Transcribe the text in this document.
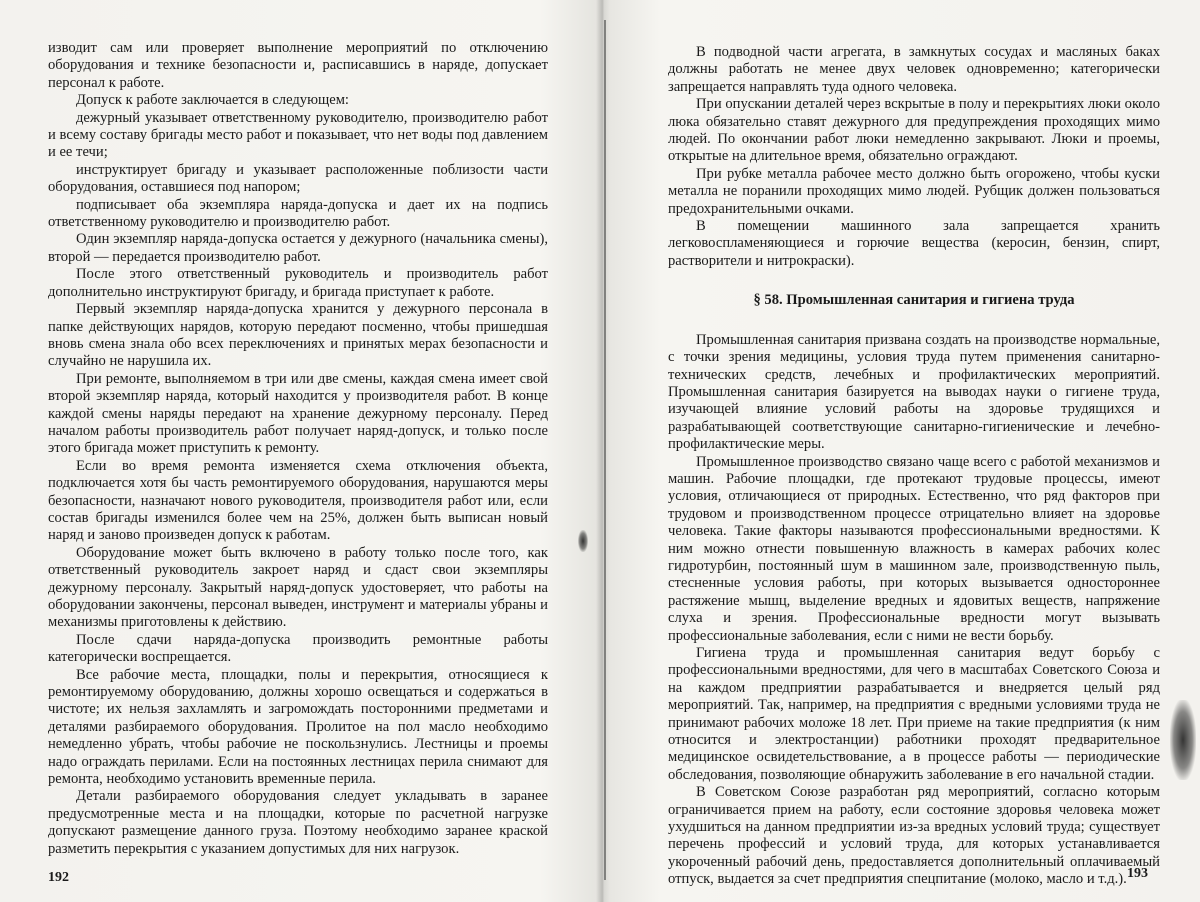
изводит сам или проверяет выполнение мероприятий по отключению оборудования и технике безопасности и, расписавшись в наряде, допускает персонал к работе.

Допуск к работе заключается в следующем:

дежурный указывает ответственному руководителю, производителю работ и всему составу бригады место работ и показывает, что нет воды под давлением и ее течи;

инструктирует бригаду и указывает расположенные поблизости части оборудования, оставшиеся под напором;

подписывает оба экземпляра наряда-допуска и дает их на подпись ответственному руководителю и производителю работ.

Один экземпляр наряда-допуска остается у дежурного (начальника смены), второй — передается производителю работ.

После этого ответственный руководитель и производитель работ дополнительно инструктируют бригаду, и бригада приступает к работе.

Первый экземпляр наряда-допуска хранится у дежурного персонала в папке действующих нарядов, которую передают посменно, чтобы пришедшая вновь смена знала обо всех переключениях и принятых мерах безопасности и случайно не нарушила их.

При ремонте, выполняемом в три или две смены, каждая смена имеет свой второй экземпляр наряда, который находится у производителя работ. В конце каждой смены наряды передают на хранение дежурному персоналу. Перед началом работы производитель работ получает наряд-допуск, и только после этого бригада может приступить к ремонту.

Если во время ремонта изменяется схема отключения объекта, подключается хотя бы часть ремонтируемого оборудования, нарушаются меры безопасности, назначают нового руководителя, производителя работ или, если состав бригады изменился более чем на 25%, должен быть выписан новый наряд и заново произведен допуск к работам.

Оборудование может быть включено в работу только после того, как ответственный руководитель закроет наряд и сдаст свои экземпляры дежурному персоналу. Закрытый наряд-допуск удостоверяет, что работы на оборудовании закончены, персонал выведен, инструмент и материалы убраны и механизмы приготовлены к действию.

После сдачи наряда-допуска производить ремонтные работы категорически воспрещается.

Все рабочие места, площадки, полы и перекрытия, относящиеся к ремонтируемому оборудованию, должны хорошо освещаться и содержаться в чистоте; их нельзя захламлять и загромождать посторонними предметами и деталями разбираемого оборудования. Пролитое на пол масло необходимо немедленно убрать, чтобы рабочие не поскользнулись. Лестницы и проемы надо ограждать перилами. Если на постоянных лестницах перила снимают для ремонта, необходимо установить временные перила.

Детали разбираемого оборудования следует укладывать в заранее предусмотренные места и на площадки, которые по расчетной нагрузке допускают размещение данного груза. Поэтому необходимо заранее краской разметить перекрытия с указанием допустимых для них нагрузок.

192

В подводной части агрегата, в замкнутых сосудах и масляных баках должны работать не менее двух человек одновременно; категорически запрещается направлять туда одного человека.

При опускании деталей через вскрытые в полу и перекрытиях люки около люка обязательно ставят дежурного для предупреждения проходящих мимо людей. По окончании работ люки немедленно закрывают. Люки и проемы, открытые на длительное время, обязательно ограждают.

При рубке металла рабочее место должно быть огорожено, чтобы куски металла не поранили проходящих мимо людей. Рубщик должен пользоваться предохранительными очками.

В помещении машинного зала запрещается хранить легковоспламеняющиеся и горючие вещества (керосин, бензин, спирт, растворители и нитрокраски).

§ 58. Промышленная санитария и гигиена труда

Промышленная санитария призвана создать на производстве нормальные, с точки зрения медицины, условия труда путем применения санитарно-технических средств, лечебных и профилактических мероприятий. Промышленная санитария базируется на выводах науки о гигиене труда, изучающей влияние условий работы на здоровье трудящихся и разрабатывающей соответствующие санитарно-гигиенические и лечебно-профилактические меры.

Промышленное производство связано чаще всего с работой механизмов и машин. Рабочие площадки, где протекают трудовые процессы, имеют условия, отличающиеся от природных. Естественно, что ряд факторов при трудовом и производственном процессе отрицательно влияет на здоровье человека. Такие факторы называются профессиональными вредностями. К ним можно отнести повышенную влажность в камерах рабочих колес гидротурбин, постоянный шум в машинном зале, производственную пыль, стесненные условия работы, при которых вызывается одностороннее растяжение мышц, выделение вредных и ядовитых веществ, напряжение слуха и зрения. Профессиональные вредности могут вызывать профессиональные заболевания, если с ними не вести борьбу.

Гигиена труда и промышленная санитария ведут борьбу с профессиональными вредностями, для чего в масштабах Советского Союза и на каждом предприятии разрабатывается и внедряется целый ряд мероприятий. Так, например, на предприятия с вредными условиями труда не принимают рабочих моложе 18 лет. При приеме на такие предприятия (к ним относится и электростанции) работники проходят предварительное медицинское освидетельствование, а в процессе работы — периодические обследования, позволяющие обнаружить заболевание в его начальной стадии.

В Советском Союзе разработан ряд мероприятий, согласно которым ограничивается прием на работу, если состояние здоровья человека может ухудшиться на данном предприятии из-за вредных условий труда; существует перечень профессий и условий труда, для которых устанавливается укороченный рабочий день, предоставляется дополнительный оплачиваемый отпуск, выдается за счет предприятия спецпитание (молоко, масло и т.д.). 193
